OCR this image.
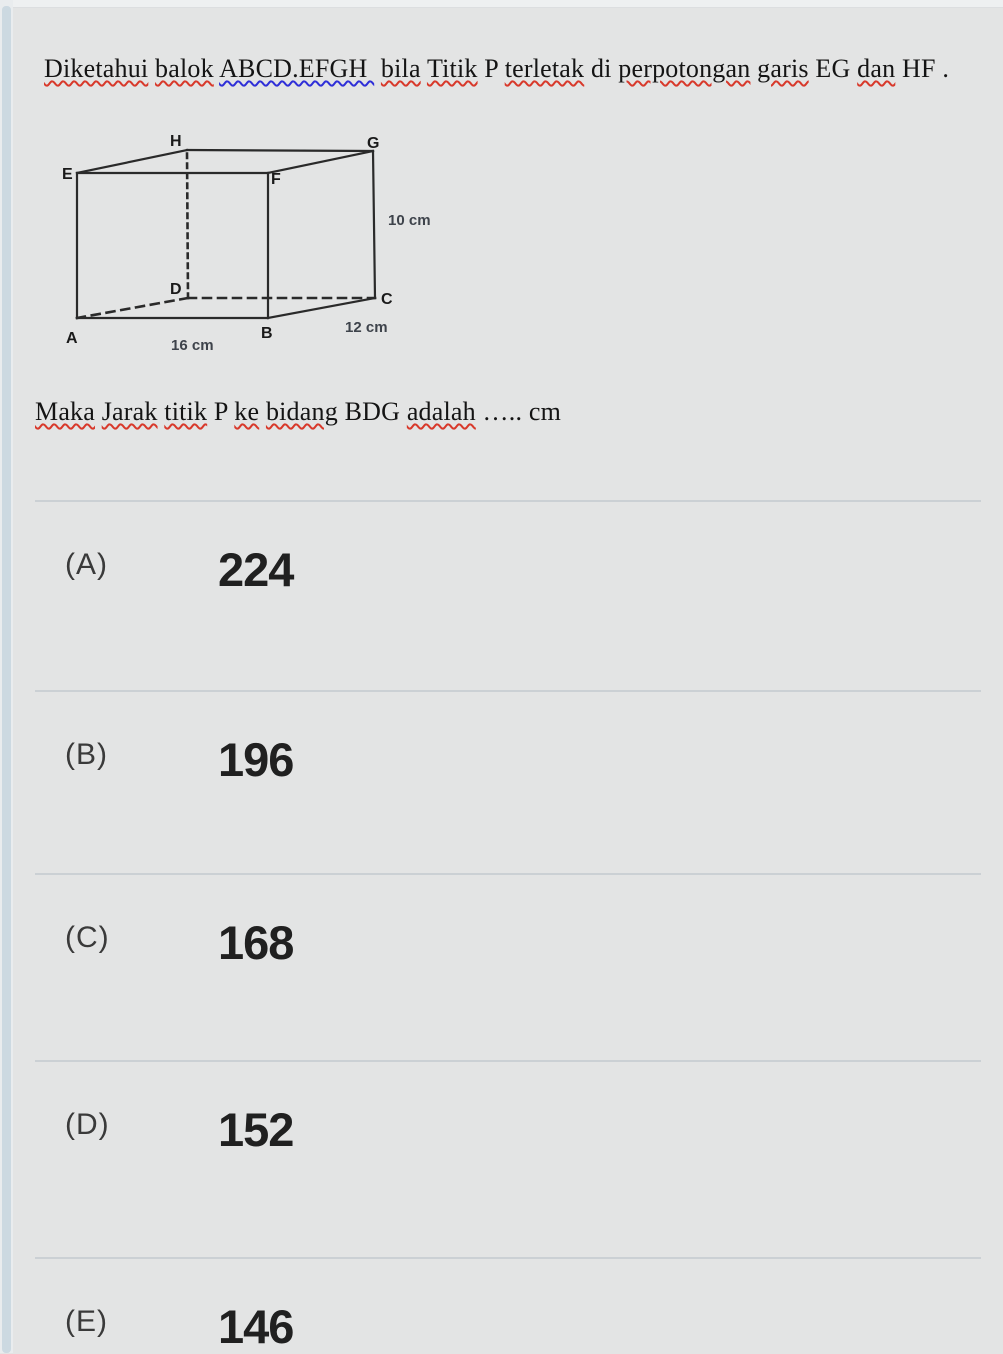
Diketahui balok ABCD.EFGH  bila Titik P terletak di perpotongan garis EG dan HF .

A	B
C
D
E	F
G
H
10 cm
12 cm
16 cm

Maka Jarak titik P ke bidang BDG adalah ….. cm

(A) 224
(B) 196
(C) 168
(D) 152
(E) 146
